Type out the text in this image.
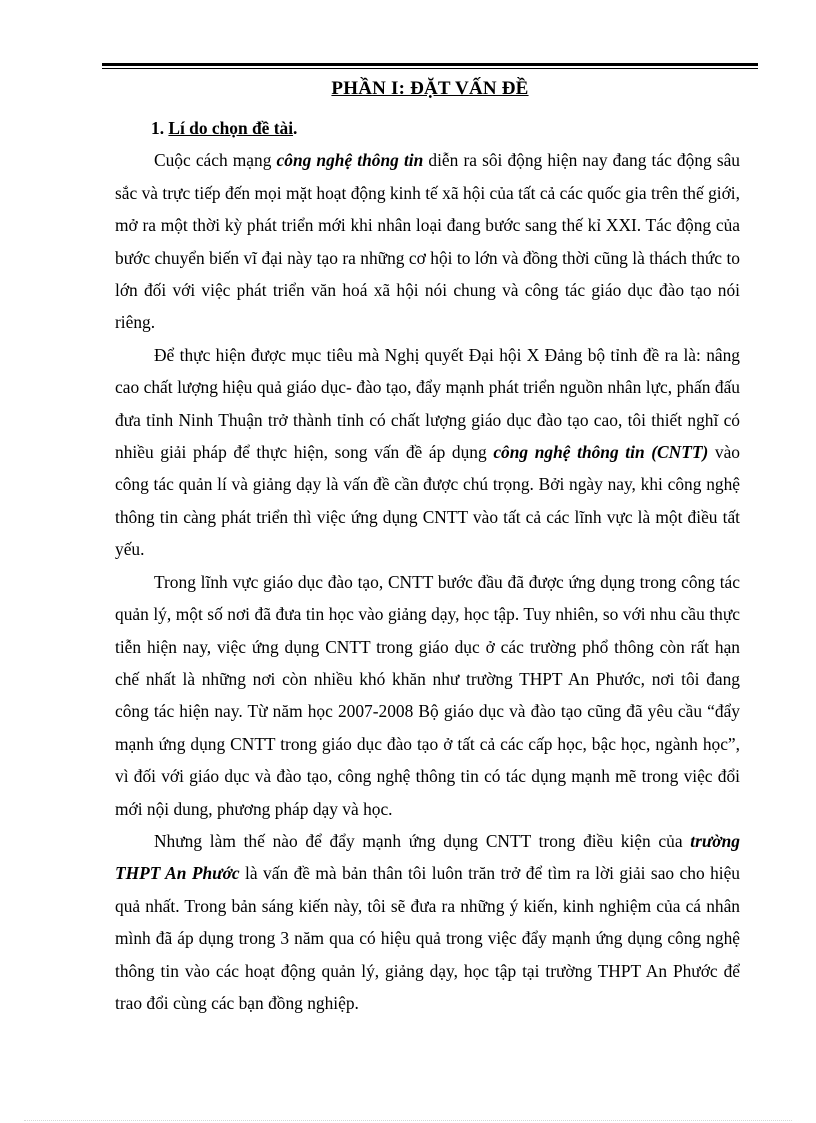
PHẦN I: ĐẶT VẤN ĐỀ
1. Lí do chọn đề tài.

Cuộc cách mạng công nghệ thông tin diễn ra sôi động hiện nay đang tác động sâu sắc và trực tiếp đến mọi mặt hoạt động kinh tế xã hội của tất cả các quốc gia trên thế giới, mở ra một thời kỳ phát triển mới khi nhân loại đang bước sang thế kỉ XXI. Tác động của bước chuyển biến vĩ đại này tạo ra những cơ hội to lớn và đồng thời cũng là thách thức to lớn đối với việc phát triển văn hoá xã hội nói chung và công tác giáo dục đào tạo nói riêng.

Để thực hiện được mục tiêu mà Nghị quyết Đại hội X Đảng bộ tỉnh đề ra là: nâng cao chất lượng hiệu quả giáo dục- đào tạo, đẩy mạnh phát triển nguồn nhân lực, phấn đấu đưa tỉnh Ninh Thuận trở thành tỉnh có chất lượng giáo dục đào tạo cao, tôi thiết nghĩ có nhiều giải pháp để thực hiện, song vấn đề áp dụng công nghệ thông tin (CNTT) vào công tác quản lí và giảng dạy là vấn đề cần được chú trọng. Bởi ngày nay, khi công nghệ thông tin càng phát triển thì việc ứng dụng CNTT vào tất cả các lĩnh vực là một điều tất yếu.

Trong lĩnh vực giáo dục đào tạo, CNTT bước đầu đã được ứng dụng trong công tác quản lý, một số nơi đã đưa tin học vào giảng dạy, học tập. Tuy nhiên, so với nhu cầu thực tiễn hiện nay, việc ứng dụng CNTT trong giáo dục ở các trường phổ thông còn rất hạn chế nhất là những nơi còn nhiều khó khăn như trường THPT An Phước, nơi tôi đang công tác hiện nay. Từ năm học 2007-2008 Bộ giáo dục và đào tạo cũng đã yêu cầu “đẩy mạnh ứng dụng CNTT trong giáo dục đào tạo ở tất cả các cấp học, bậc học, ngành học”, vì đối với giáo dục và đào tạo, công nghệ thông tin có tác dụng mạnh mẽ trong việc đổi mới nội dung, phương pháp dạy và học.

Nhưng làm thế nào để đẩy mạnh ứng dụng CNTT trong điều kiện của trường THPT An Phước là vấn đề mà bản thân tôi luôn trăn trở để tìm ra lời giải sao cho hiệu quả nhất. Trong bản sáng kiến này, tôi sẽ đưa ra những ý kiến, kinh nghiệm của cá nhân mình đã áp dụng trong 3 năm qua có hiệu quả trong việc đẩy mạnh ứng dụng công nghệ thông tin vào các hoạt động quản lý, giảng dạy, học tập tại trường THPT An Phước để trao đổi cùng các bạn đồng nghiệp.
